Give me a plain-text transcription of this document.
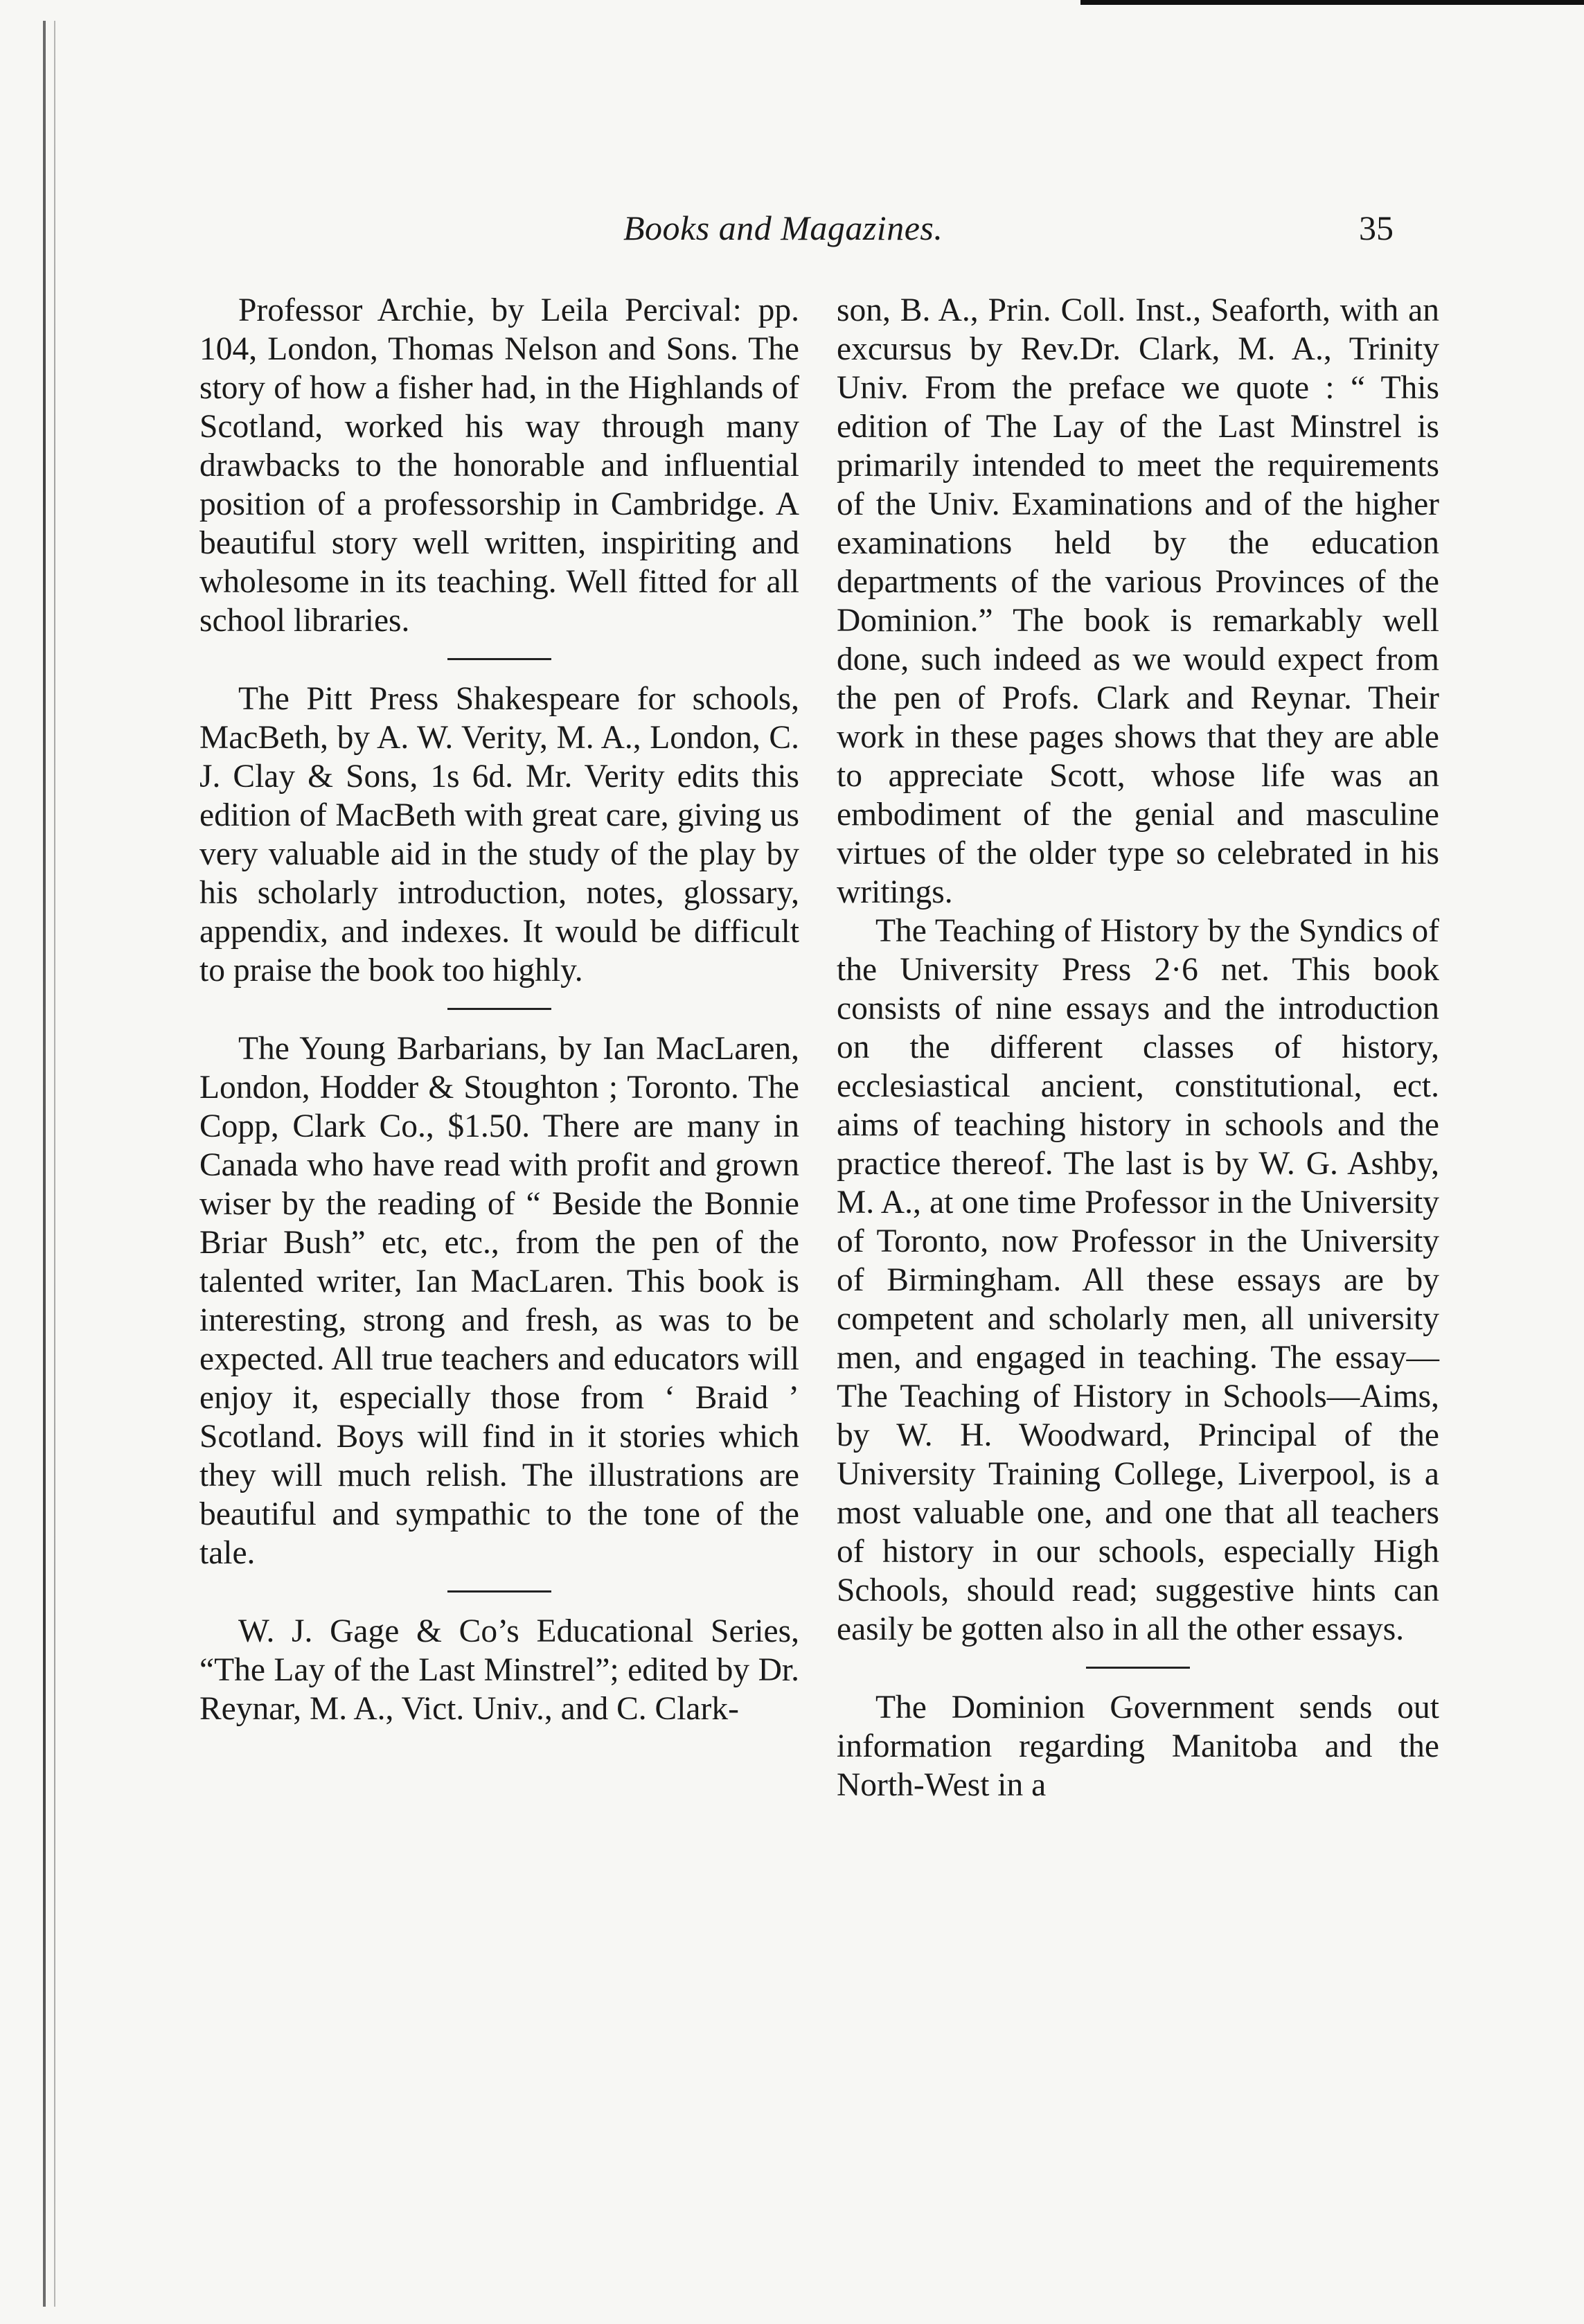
Books and Magazines.	35

Professor Archie, by Leila Percival: pp. 104, London, Thomas Nelson and Sons. The story of how a fisher had, in the Highlands of Scotland, worked his way through many drawbacks to the honorable and influential position of a professorship in Cambridge. A beautiful story well written, inspiriting and wholesome in its teaching. Well fitted for all school libraries.

The Pitt Press Shakespeare for schools, MacBeth, by A. W. Verity, M. A., London, C. J. Clay & Sons, 1s 6d. Mr. Verity edits this edition of MacBeth with great care, giving us very valuable aid in the study of the play by his scholarly introduction, notes, glossary, appendix, and indexes. It would be difficult to praise the book too highly.

The Young Barbarians, by Ian MacLaren, London, Hodder & Stoughton ; Toronto. The Copp, Clark Co., $1.50. There are many in Canada who have read with profit and grown wiser by the reading of “ Beside the Bonnie Briar Bush” etc, etc., from the pen of the talented writer, Ian MacLaren. This book is interesting, strong and fresh, as was to be expected. All true teachers and educators will enjoy it, especially those from ‘ Braid ’ Scotland. Boys will find in it stories which they will much relish. The illustrations are beautiful and sympathic to the tone of the tale.

W. J. Gage & Co’s Educational Series, “The Lay of the Last Minstrel”; edited by Dr. Reynar, M. A., Vict. Univ., and C. Clark-

son, B. A., Prin. Coll. Inst., Seaforth, with an excursus by Rev.Dr. Clark, M. A., Trinity Univ. From the preface we quote : “ This edition of The Lay of the Last Minstrel is primarily intended to meet the requirements of the Univ. Examinations and of the higher examinations held by the education departments of the various Provinces of the Dominion.” The book is remarkably well done, such indeed as we would expect from the pen of Profs. Clark and Reynar. Their work in these pages shows that they are able to appreciate Scott, whose life was an embodiment of the genial and masculine virtues of the older type so celebrated in his writings.

The Teaching of History by the Syndics of the University Press 2·6 net. This book consists of nine essays and the introduction on the different classes of history, ecclesiastical ancient, constitutional, ect. aims of teaching history in schools and the practice thereof. The last is by W. G. Ashby, M. A., at one time Professor in the University of Toronto, now Professor in the University of Birmingham. All these essays are by competent and scholarly men, all university men, and engaged in teaching. The essay—The Teaching of History in Schools—Aims, by W. H. Woodward, Principal of the University Training College, Liverpool, is a most valuable one, and one that all teachers of history in our schools, especially High Schools, should read; suggestive hints can easily be gotten also in all the other essays.

The Dominion Government sends out information regarding Manitoba and the North-West in a
